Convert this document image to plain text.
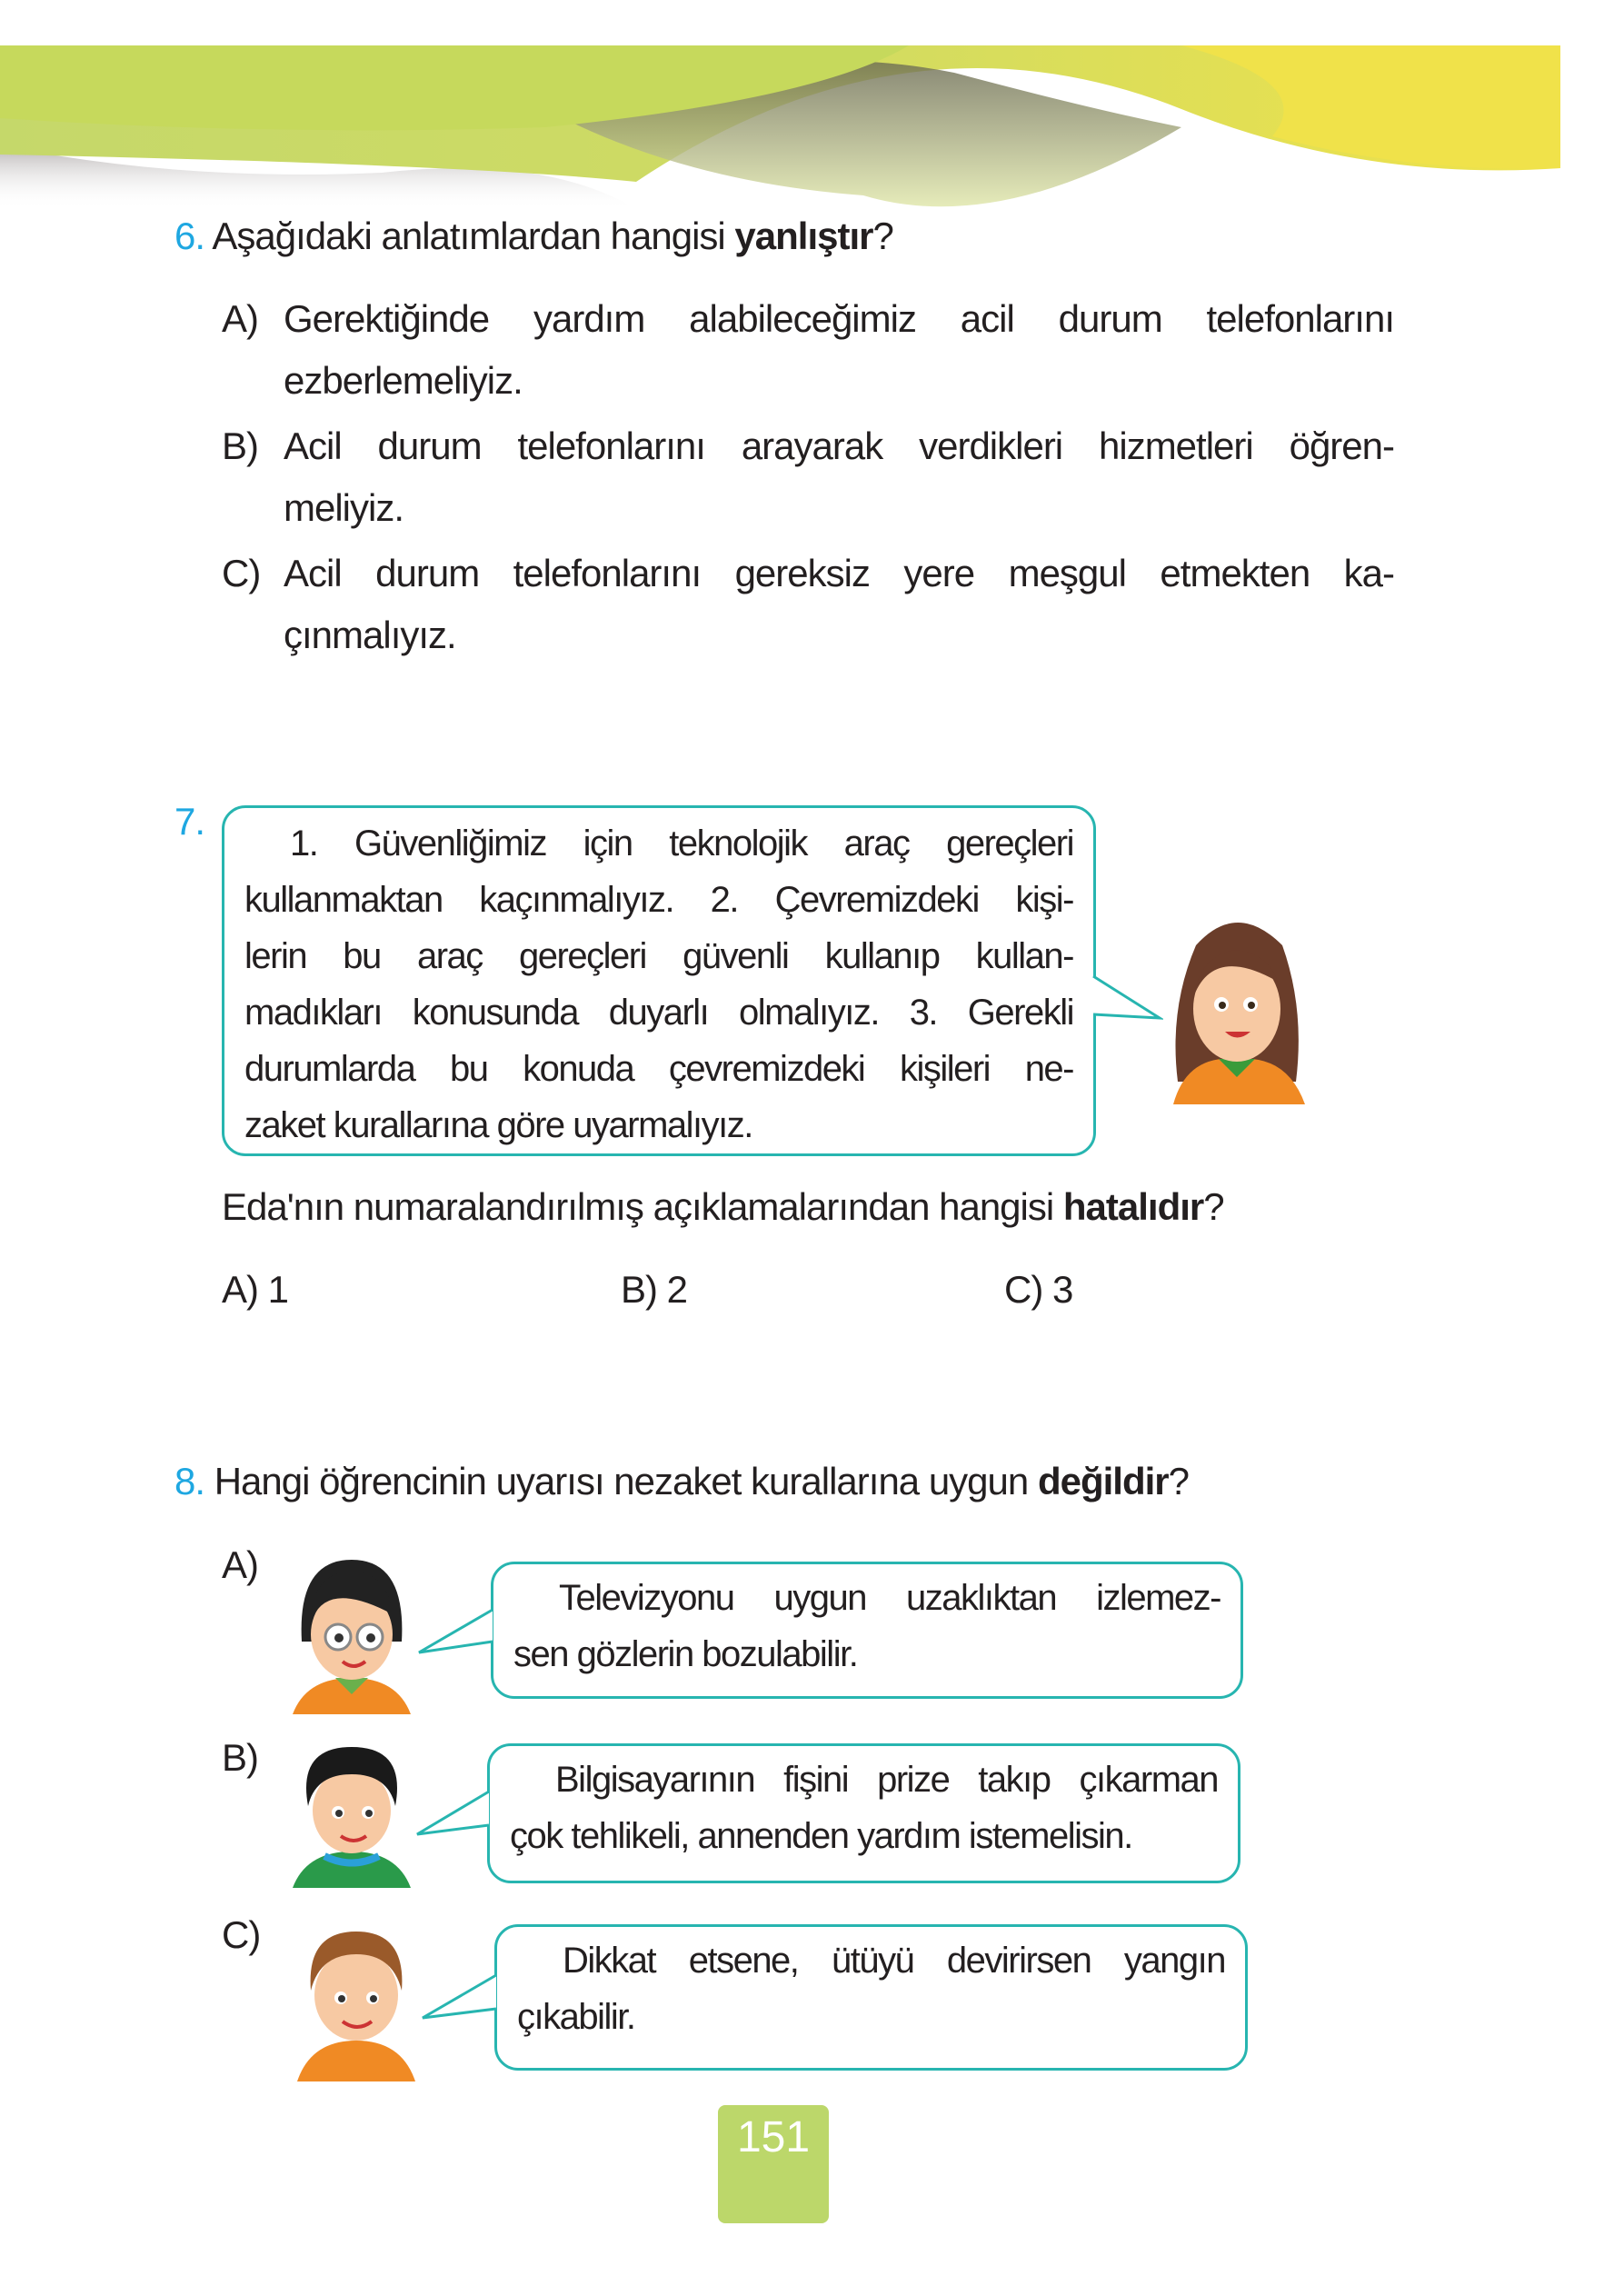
6. Aşağıdaki anlatımlardan hangisi yanlıştır?
A) Gerektiğinde yardım alabileceğimiz acil durum telefonlarını
ezberlemeliyiz.
B) Acil durum telefonlarını arayarak verdikleri hizmetleri öğren-
meliyiz.
C) Acil durum telefonlarını gereksiz yere meşgul etmekten ka-
çınmalıyız.
7.
1. Güvenliğimiz için teknolojik araç gereçleri
kullanmaktan kaçınmalıyız. 2. Çevremizdeki kişi-
lerin bu araç gereçleri güvenli kullanıp kullan-
madıkları konusunda duyarlı olmalıyız. 3. Gerekli
durumlarda bu konuda çevremizdeki kişileri ne-
zaket kurallarına göre uyarmalıyız.
Eda'nın numaralandırılmış açıklamalarından hangisi hatalıdır?
A) 1	B) 2	C) 3
8. Hangi öğrencinin uyarısı nezaket kurallarına uygun değildir?
A)
Televizyonu uygun uzaklıktan izlemez-
sen gözlerin bozulabilir.
B)
Bilgisayarının fişini prize takıp çıkarman
çok tehlikeli, annenden yardım istemelisin.
C)
Dikkat etsene, ütüyü devirirsen yangın
çıkabilir.
151
